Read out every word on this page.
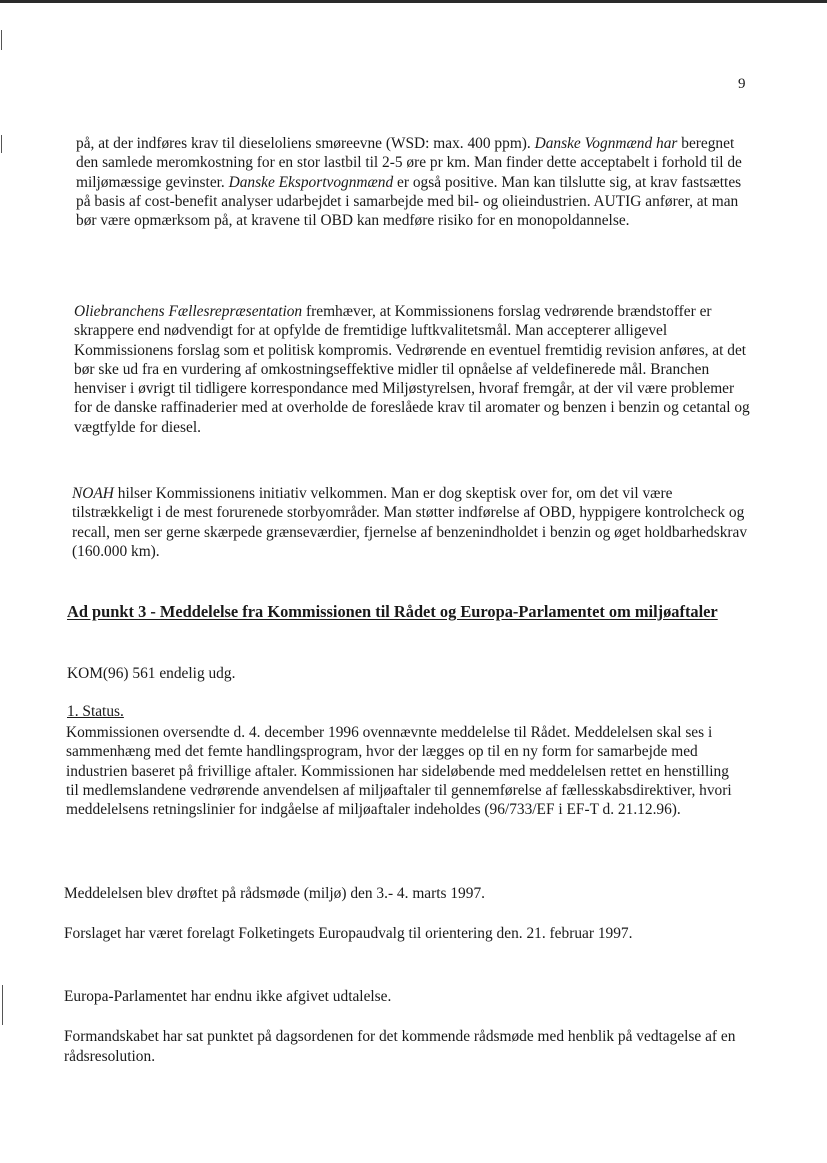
9

på, at der indføres krav til dieseloliens smøreevne (WSD: max. 400 ppm). Danske Vognmænd har beregnet den samlede meromkostning for en stor lastbil til 2-5 øre pr km. Man finder dette acceptabelt i forhold til de miljømæssige gevinster. Danske Eksportvognmænd er også positive. Man kan tilslutte sig, at krav fastsættes på basis af cost-benefit analyser udarbejdet i samarbejde med bil- og olieindustrien. AUTIG anfører, at man bør være opmærksom på, at kravene til OBD kan medføre risiko for en monopoldannelse.

Oliebranchens Fællesrepræsentation fremhæver, at Kommissionens forslag vedrørende brændstoffer er skrappere end nødvendigt for at opfylde de fremtidige luftkvalitetsmål. Man accepterer alligevel Kommissionens forslag som et politisk kompromis. Vedrørende en eventuel fremtidig revision anføres, at det bør ske ud fra en vurdering af omkostningseffektive midler til opnåelse af veldefinerede mål. Branchen henviser i øvrigt til tidligere korrespondance med Miljøstyrelsen, hvoraf fremgår, at der vil være problemer for de danske raffinaderier med at overholde de foreslåede krav til aromater og benzen i benzin og cetantal og vægtfylde for diesel.

NOAH hilser Kommissionens initiativ velkommen. Man er dog skeptisk over for, om det vil være tilstrækkeligt i de mest forurenede storbyområder. Man støtter indførelse af OBD, hyppigere kontrolcheck og recall, men ser gerne skærpede grænseværdier, fjernelse af benzenindholdet i benzin og øget holdbarhedskrav (160.000 km).

Ad punkt 3 - Meddelelse fra Kommissionen til Rådet og Europa-Parlamentet om miljøaftaler

KOM(96) 561 endelig udg.

1. Status.

Kommissionen oversendte d. 4. december 1996 ovennævnte meddelelse til Rådet. Meddelelsen skal ses i sammenhæng med det femte handlingsprogram, hvor der lægges op til en ny form for samarbejde med industrien baseret på frivillige aftaler. Kommissionen har sideløbende med meddelelsen rettet en henstilling til medlemslandene vedrørende anvendelsen af miljøaftaler til gennemførelse af fællesskabsdirektiver, hvori meddelelsens retningslinier for indgåelse af miljøaftaler indeholdes (96/733/EF i EF-T d. 21.12.96).

Meddelelsen blev drøftet på rådsmøde (miljø) den 3.- 4. marts 1997.

Forslaget har været forelagt Folketingets Europaudvalg til orientering den. 21. februar 1997.

Europa-Parlamentet har endnu ikke afgivet udtalelse.

Formandskabet har sat punktet på dagsordenen for det kommende rådsmøde med henblik på vedtagelse af en rådsresolution.
